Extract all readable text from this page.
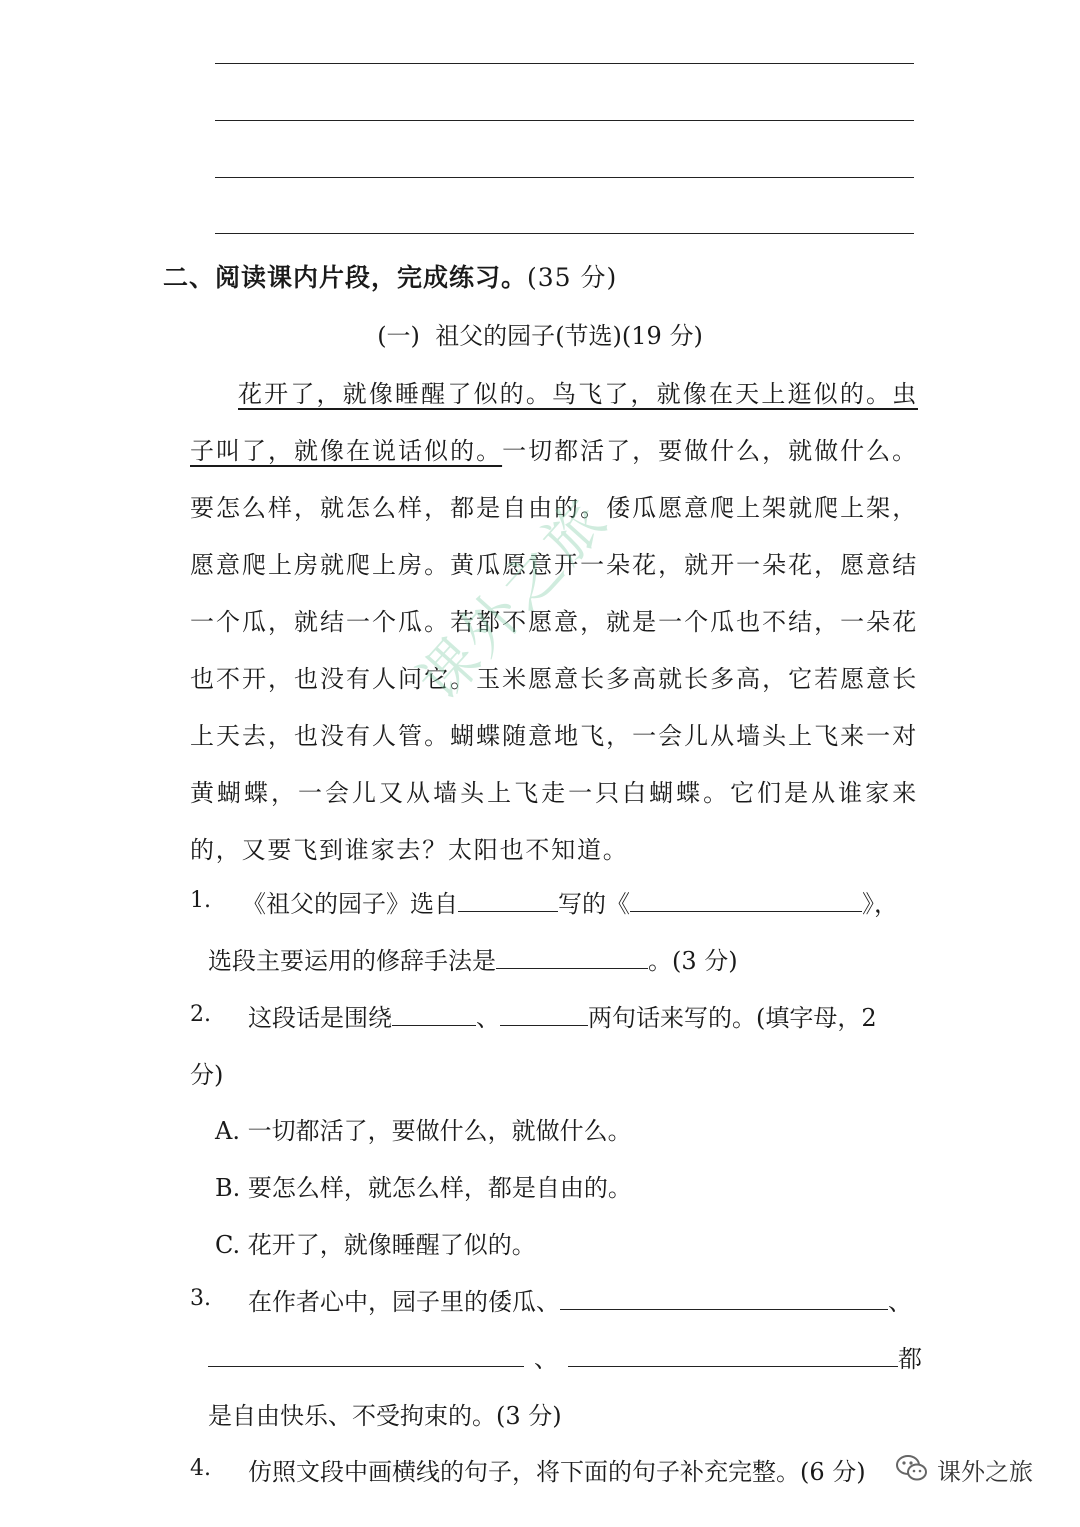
二、阅读课内片段，完成练习。(35 分)
(一) 祖父的园子(节选)(19 分)
花开了，就像睡醒了似的。鸟飞了，就像在天上逛似的。虫子叫了，就像在说话似的。一切都活了，要做什么，就做什么。要怎么样，就怎么样，都是自由的。倭瓜愿意爬上架就爬上架，愿意爬上房就爬上房。黄瓜愿意开一朵花，就开一朵花，愿意结一个瓜，就结一个瓜。若都不愿意，就是一个瓜也不结，一朵花也不开，也没有人问它。玉米愿意长多高就长多高，它若愿意长上天去，也没有人管。蝴蝶随意地飞，一会儿从墙头上飞来一对黄蝴蝶，一会儿又从墙头上飞走一只白蝴蝶。它们是从谁家来的，又要飞到谁家去？太阳也不知道。
课外之旅
1. 《祖父的园子》选自	写的《	》，
选段主要运用的修辞手法是	。(3 分)
2. 这段话是围绕	、	两句话来写的。(填字母，2
分)
A. 一切都活了，要做什么，就做什么。
B. 要怎么样，就怎么样，都是自由的。
C. 花开了，就像睡醒了似的。
3. 在作者心中，园子里的倭瓜、	、
、	都
是自由快乐、不受拘束的。(3 分)
4. 仿照文段中画横线的句子，将下面的句子补充完整。(6 分)	课外之旅
